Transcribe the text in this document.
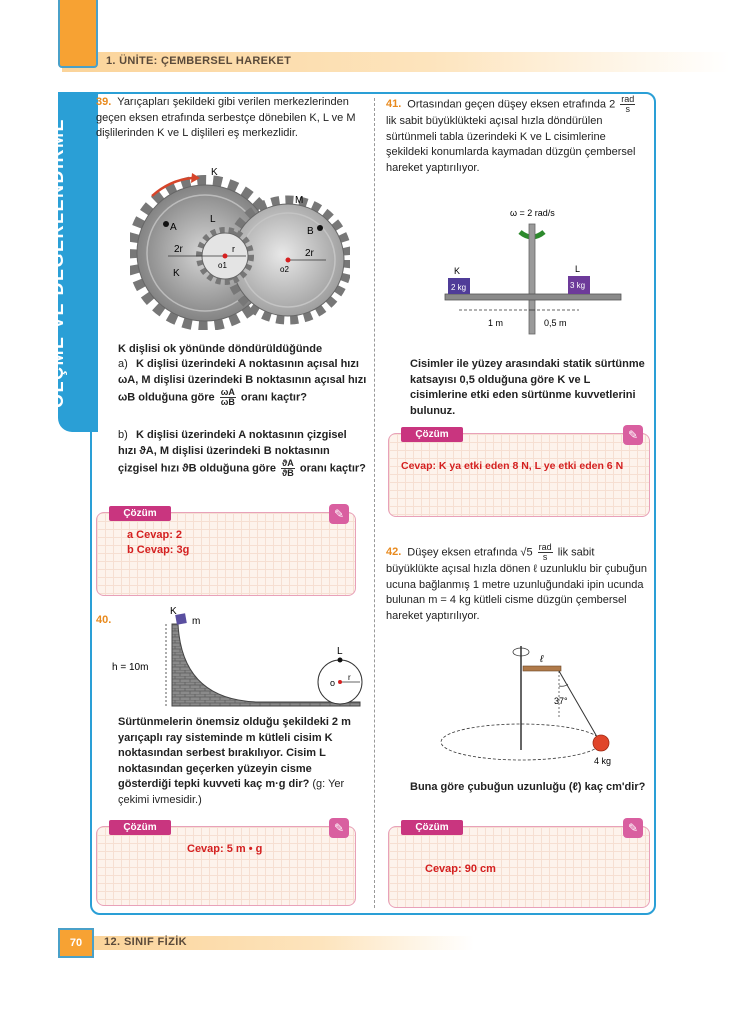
1. ÜNİTE: ÇEMBERSEL HAREKET
ÖLÇME VE DEĞERLENDİRME
39. Yarıçapları şekildeki gibi verilen merkezlerinden geçen eksen etrafında serbestçe dönebilen K, L ve M dişlilerinden K ve L dişlileri eş merkezlidir.
K
M
L
A	B
2r	r	2r
K
o1	o2
K dişlisi ok yönünde döndürüldüğünde
a) K dişlisi üzerindeki A noktasının açısal hızı ωA, M dişlisi üzerindeki B noktasının açısal hızı ωB olduğuna göre $\frac{\omega A}{\omega B}$ oranı kaçtır?
b) K dişlisi üzerindeki A noktasının çizgisel hızı ϑA, M dişlisi üzerindeki B noktasının çizgisel hızı ϑB olduğuna göre $\frac{ϑA}{ϑB}$ oranı kaçtır?
Çözüm	✎
a Cevap: 2
b Cevap: 3g
40.
K
m
h = 10m
L
o
r
Sürtünmelerin önemsiz olduğu şekildeki 2 m yarıçaplı ray sisteminde m kütleli cisim K noktasından serbest bırakılıyor. Cisim L noktasından geçerken yüzeyin cisme gösterdiği tepki kuvveti kaç m·g dir? (g: Yer çekimi ivmesidir.)
Çözüm	✎
Cevap: 5 m • g
41. Ortasından geçen düşey eksen etrafında $2 \frac{\text{rad}}{s}$
lik sabit büyüklükteki açısal hızla döndürülen sürtünmeli tabla üzerindeki K ve L cisimlerine şekildeki konumlarda kaymadan düzgün çembersel hareket yaptırılıyor.
ω = 2 rad/s
K
2 kg
L
3 kg
1 m	0,5 m
Cisimler ile yüzey arasındaki statik sürtünme katsayısı 0,5 olduğuna göre K ve L cisimlerine etki eden sürtünme kuvvetlerini bulunuz.
Çözüm	✎
Cevap: K ya etki eden 8 N, L ye etki eden 6 N
42. Düşey eksen etrafında $√5 \frac{\text{rad}}{s}$ lik sabit büyüklükte açısal hızla dönen ℓ uzunluklu bir çubuğun ucuna bağlanmış 1 metre uzunluğundaki ipin ucunda bulunan m = 4 kg kütleli cisme düzgün çembersel hareket yaptırılıyor.
ℓ
37°
4 kg
Buna göre çubuğun uzunluğu (ℓ) kaç cm'dir?
Çözüm	✎
Cevap: 90 cm
70	12. SINIF FİZİK
